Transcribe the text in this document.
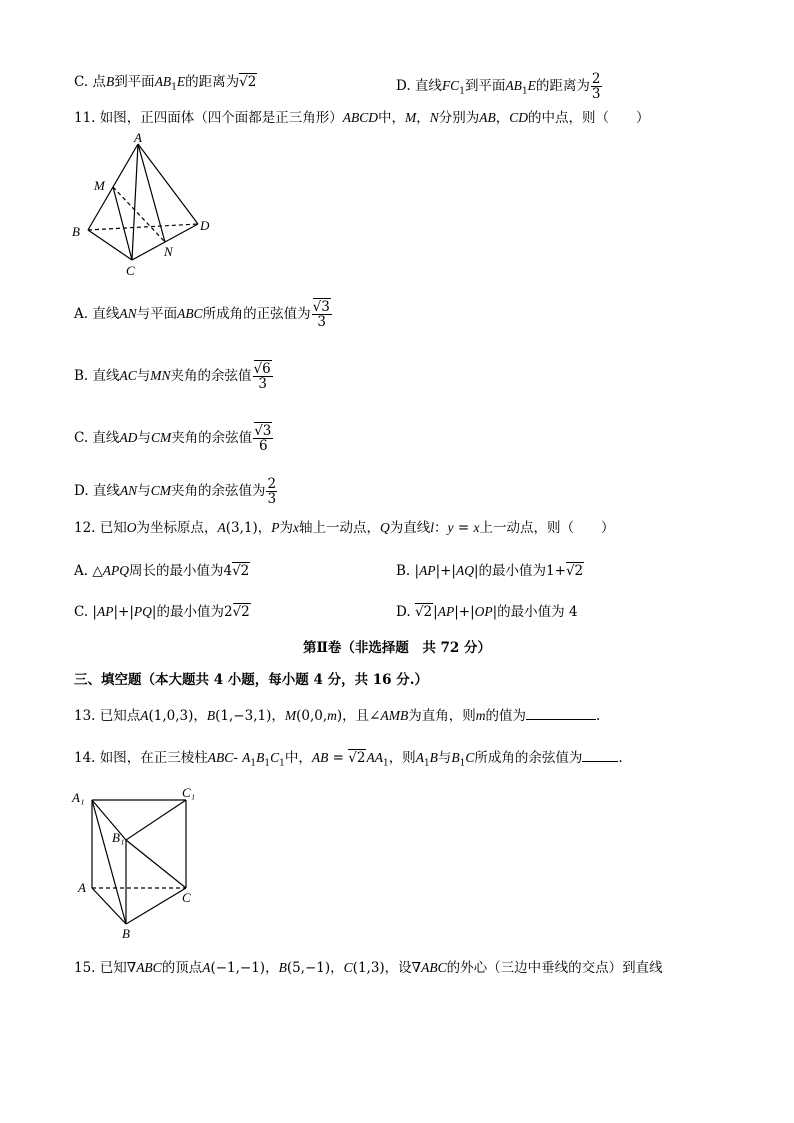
C. 点B到平面$AB_1E$的距离为√2	D. 直线$FC_1$到平面$AB_1E$的距离为 $\frac{2}{3}$
11. 如图，正四面体（四个面都是正三角形）ABCD中，M，N分别为AB，CD的中点，则（　　）
A
M
B	D
N
C
A. 直线AN与平面ABC所成角的正弦值为 $\frac{√3}{3}$
B. 直线AC与MN夹角的余弦值 $\frac{√6}{3}$
C. 直线AD与CM夹角的余弦值 $\frac{√3}{6}$
D. 直线AN与CM夹角的余弦值为 $\frac{2}{3}$
12. 已知O为坐标原点，A(3,1)，P为x轴上一动点，Q为直线l：y = x上一动点，则（　　）
A. △APQ周长的最小值为4√2	B. |AP|+|AQ|的最小值为1+√2
C. |AP|+|PQ|的最小值为2√2	D. √2|AP|+|OP|的最小值为 4
第Ⅱ卷（非选择题　共 72 分）
三、填空题（本大题共 4 小题，每小题 4 分，共 16 分.）
13. 已知点A(1,0,3)，B(1,−3,1)，M(0,0,m)，且∠AMB为直角，则m的值为	.
14. 如图，在正三棱柱ABC- $A_1B_1C_1$中，AB = $√2AA_1$，则$A_1B$与$B_1C$所成角的余弦值为	.
A₁	C₁
B₁
A
C
B
15. 已知∇ABC的顶点A(−1,−1)，B(5,−1)，C(1,3)，设∇ABC的外心（三边中垂线的交点）到直线
